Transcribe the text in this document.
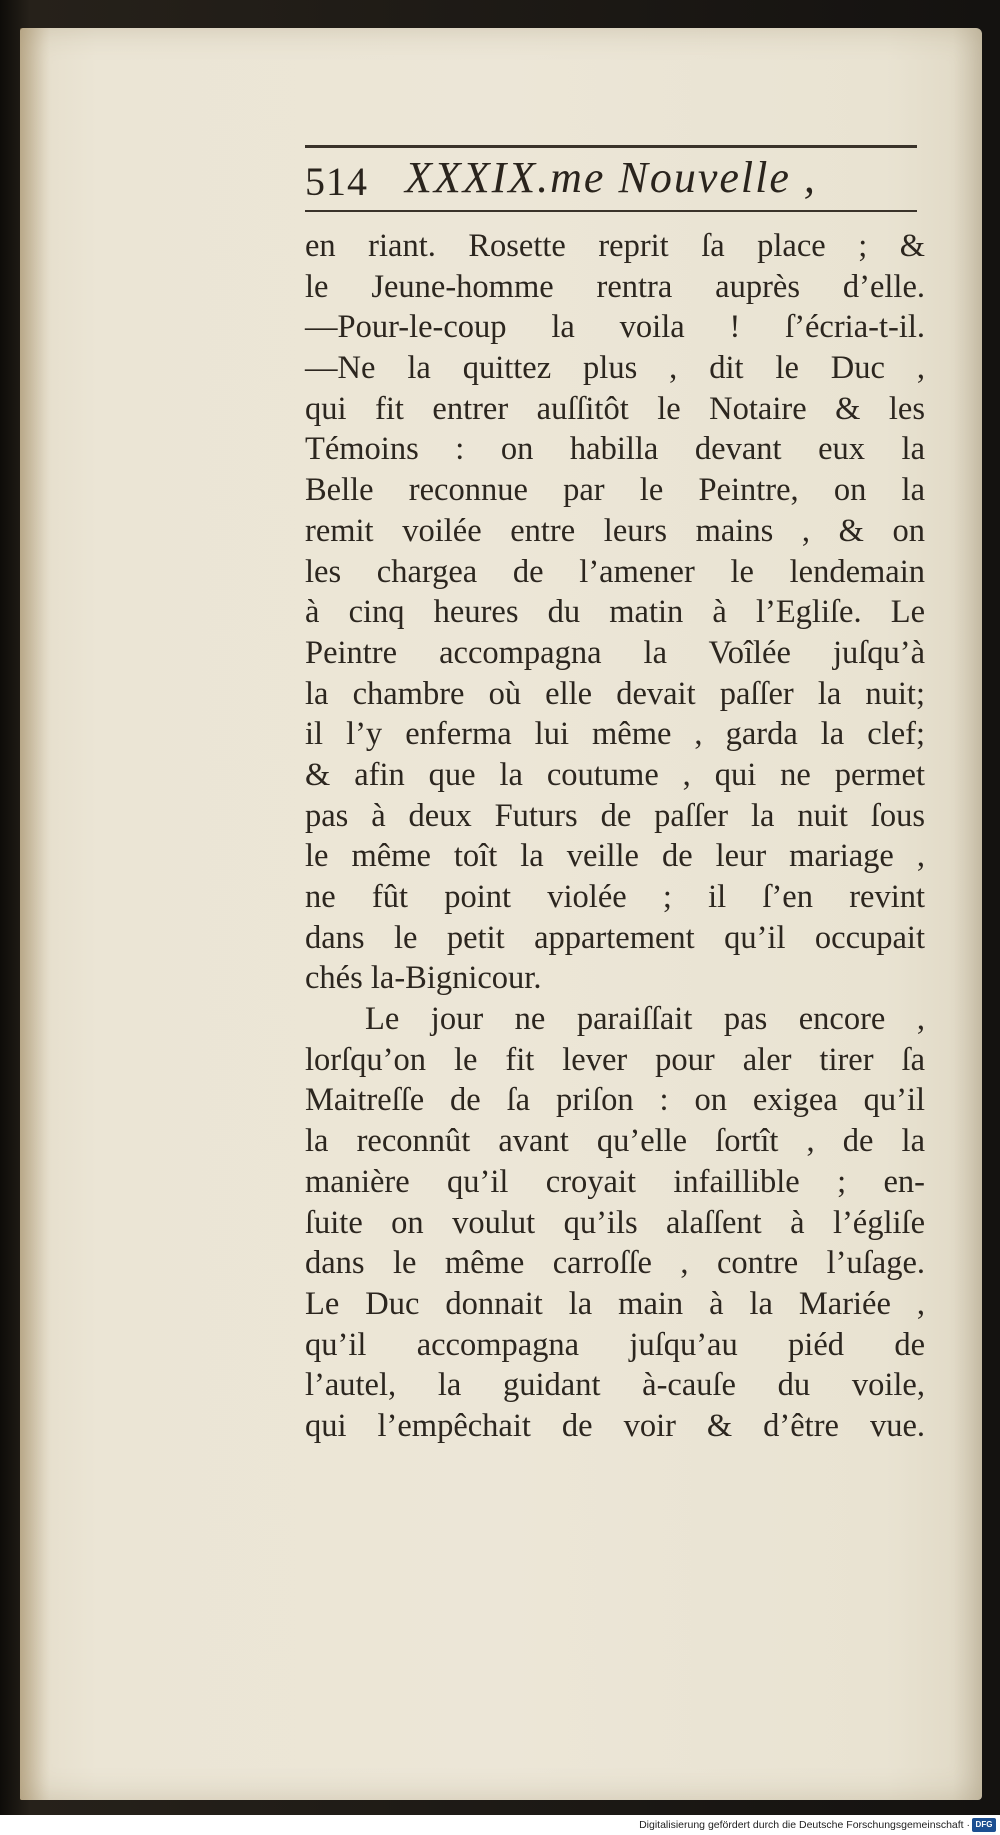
514 XXXIX.me Nouvelle ,
en riant. Rosette reprit ſa place ; &
le Jeune-homme rentra auprès d’elle.
—Pour-le-coup la voila ! ſ’écria-t-il.
—Ne la quittez plus , dit le Duc ,
qui fit entrer auſſitôt le Notaire & les
Témoins : on habilla devant eux la
Belle reconnue par le Peintre, on la
remit voilée entre leurs mains , & on
les chargea de l’amener le lendemain
à cinq heures du matin à l’Egliſe. Le
Peintre accompagna la Voîlée juſqu’à
la chambre où elle devait paſſer la nuit;
il l’y enferma lui même , garda la clef;
& afin que la coutume , qui ne permet
pas à deux Futurs de paſſer la nuit ſous
le même toît la veille de leur mariage ,
ne fût point violée ; il ſ’en revint
dans le petit appartement qu’il occupait
chés la-Bignicour.
Le jour ne paraiſſait pas encore ,
lorſqu’on le fit lever pour aler tirer ſa
Maitreſſe de ſa priſon : on exigea qu’il
la reconnût avant qu’elle ſortît , de la
manière qu’il croyait infaillible ; en-
ſuite on voulut qu’ils alaſſent à l’égliſe
dans le même carroſſe , contre l’uſage.
Le Duc donnait la main à la Mariée ,
qu’il accompagna juſqu’au piéd de
l’autel, la guidant à-cauſe du voile,
qui l’empêchait de voir & d’être vue.
Digitalisierung gefördert durch die Deutsche Forschungsgemeinschaft · DFG
